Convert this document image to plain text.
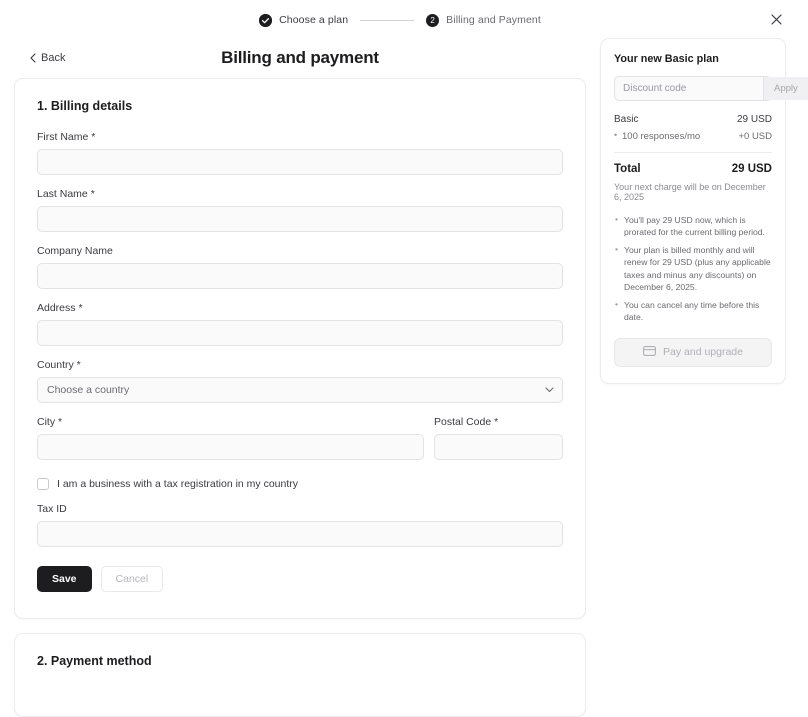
Choose a plan	2	Billing and Payment
Back	Billing and payment
1. Billing details
First Name *
Last Name *
Company Name
Address *
Country *
Choose a country
City *	Postal Code *
I am a business with a tax registration in my country
Tax ID
Save	Cancel
2. Payment method
Your new Basic plan
Discount code
Apply
Basic	29 USD
• 100 responses/mo	+0 USD
Total	29 USD
Your next charge will be on December 6, 2025
• You'll pay 29 USD now, which is prorated for the current billing period.
• Your plan is billed monthly and will renew for 29 USD (plus any applicable taxes and minus any discounts) on December 6, 2025.
• You can cancel any time before this date.
Pay and upgrade
